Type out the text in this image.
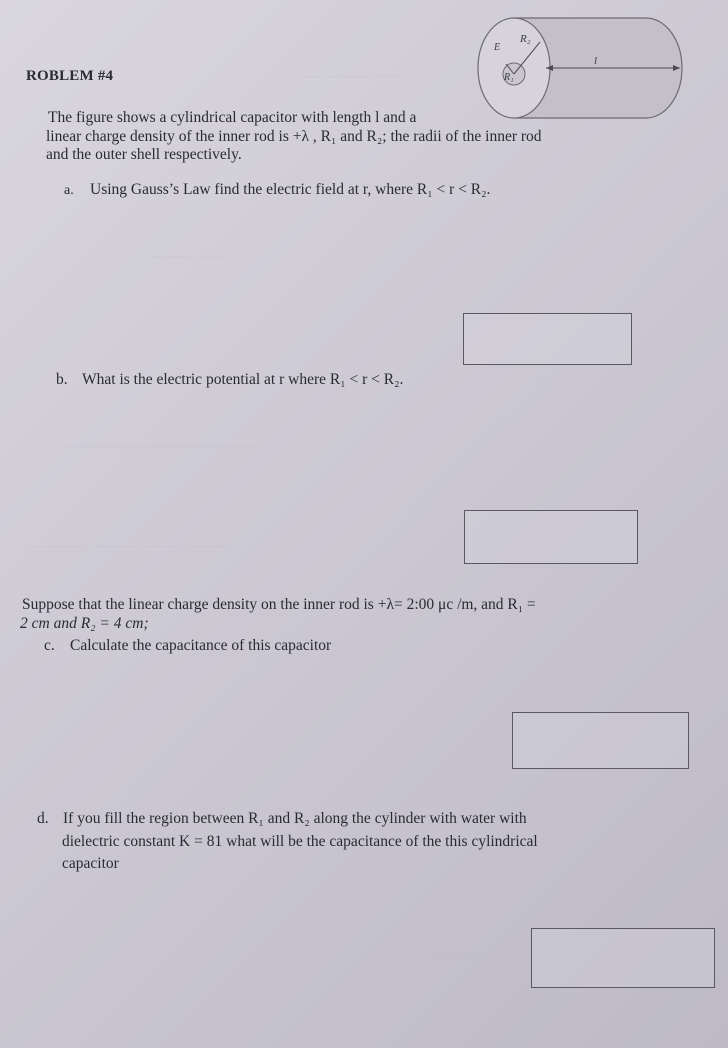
~~~ ~~~~~ ~~~~
~~~~~ ~~~~
~~~~~~~~~~~~~~~~~~~~~~~~
~~~~~~~ ~~~~~~~~~~~~~~~~~
~~~~~~ ~~~~~~~~~~~
E
R₂
R₁
l
ROBLEM #4
The figure shows a cylindrical capacitor with length l and a
linear charge density of the inner rod is +λ , R₁ and R₂; the radii of the inner rod
and the outer shell respectively.
a. Using Gauss’s Law find the electric field at r, where R₁ < r < R₂.
b. What is the electric potential at r where R₁ < r < R₂.
Suppose that the linear charge density on the inner rod is +λ= 2:00 μc /m, and R₁ =
2 cm and R₂ = 4 cm;
c. Calculate the capacitance of this capacitor
d. If you fill the region between R₁ and R₂ along the cylinder with water with
dielectric constant K = 81 what will be the capacitance of the this cylindrical
capacitor
